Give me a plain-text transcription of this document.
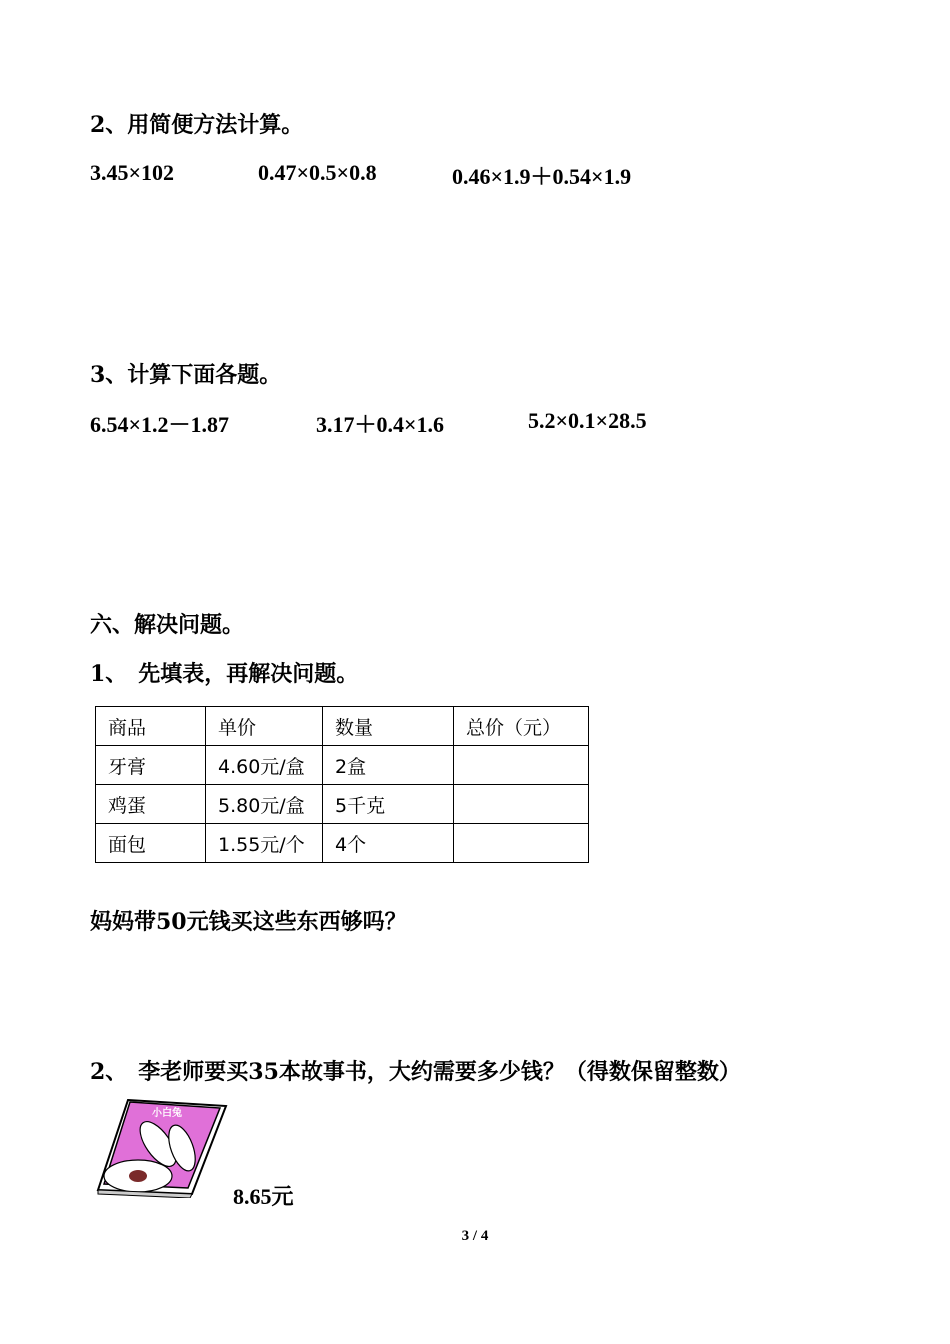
2、用简便方法计算。
3.45×102	0.47×0.5×0.8	0.46×1.9＋0.54×1.9
3、计算下面各题。
6.54×1.2－1.87	3.17＋0.4×1.6	5.2×0.1×28.5
六、解决问题。
1、　先填表，再解决问题。
商品	单价	数量	总价（元）
牙膏	4.60元/盒	2盒	
鸡蛋	5.80元/盒	5千克	
面包	1.55元/个	4个	
妈妈带50元钱买这些东西够吗？
2、　李老师要买35本故事书，大约需要多少钱？（得数保留整数）
小白兔
8.65元
3 / 4
